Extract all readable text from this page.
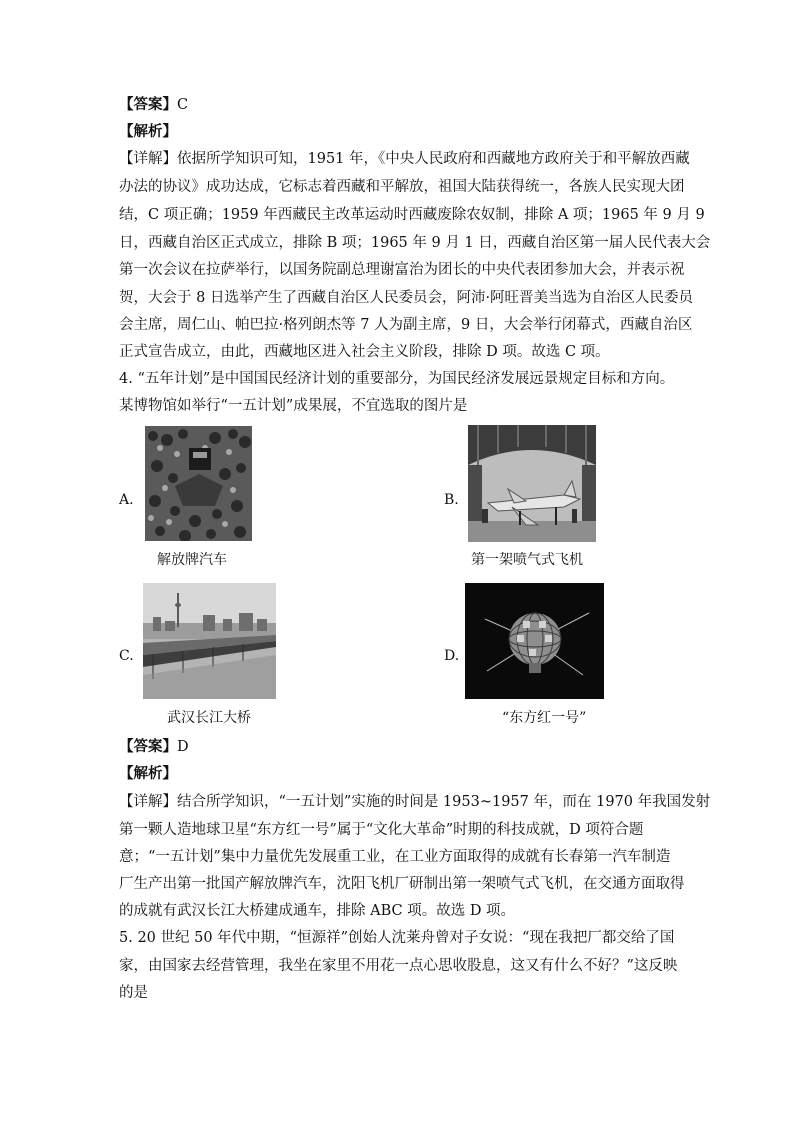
【答案】C
【解析】
【详解】依据所学知识可知，1951 年，《中央人民政府和西藏地方政府关于和平解放西藏
办法的协议》成功达成，它标志着西藏和平解放，祖国大陆获得统一，各族人民实现大团
结，C 项正确；1959 年西藏民主改革运动时西藏废除农奴制，排除 A 项；1965 年 9 月 9
日，西藏自治区正式成立，排除 B 项；1965 年 9 月 1 日，西藏自治区第一届人民代表大会
第一次会议在拉萨举行，以国务院副总理谢富治为团长的中央代表团参加大会，并表示祝
贺，大会于 8 日选举产生了西藏自治区人民委员会，阿沛·阿旺晋美当选为自治区人民委员
会主席，周仁山、帕巴拉·格列朗杰等 7 人为副主席，9 日，大会举行闭幕式，西藏自治区
正式宣告成立，由此，西藏地区进入社会主义阶段，排除 D 项。故选 C 项。
4. “五年计划”是中国国民经济计划的重要部分，为国民经济发展远景规定目标和方向。
某博物馆如举行“一五计划”成果展，不宜选取的图片是
A.
解放牌汽车
B.
第一架喷气式飞机
C.
武汉长江大桥
D.
“东方红一号”
【答案】D
【解析】
【详解】结合所学知识，“一五计划”实施的时间是 1953~1957 年，而在 1970 年我国发射
第一颗人造地球卫星“东方红一号”属于“文化大革命”时期的科技成就，D 项符合题
意；“一五计划”集中力量优先发展重工业，在工业方面取得的成就有长春第一汽车制造
厂生产出第一批国产解放牌汽车，沈阳飞机厂研制出第一架喷气式飞机，在交通方面取得
的成就有武汉长江大桥建成通车，排除 ABC 项。故选 D 项。
5. 20 世纪 50 年代中期，“恒源祥”创始人沈莱舟曾对子女说：“现在我把厂都交给了国
家，由国家去经营管理，我坐在家里不用花一点心思收股息，这又有什么不好？”这反映
的是
